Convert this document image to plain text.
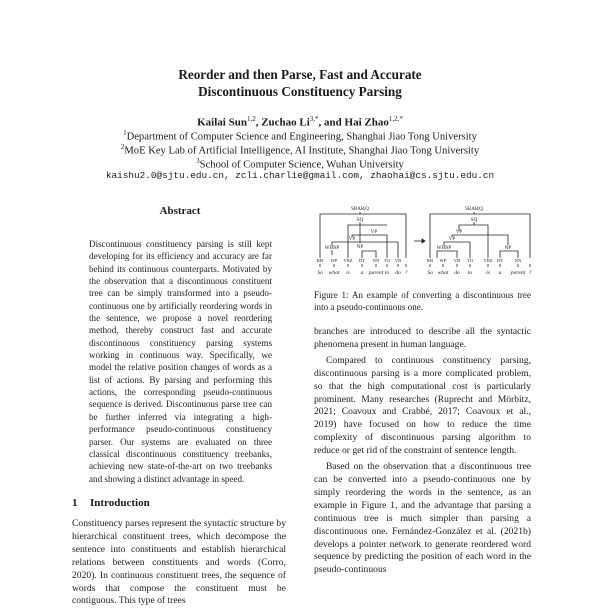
Reorder and then Parse, Fast and Accurate
Discontinuous Constituency Parsing
Kailai Sun$^{1,2}$, Zuchao $Li^{3,*}$, and Hai Zhao$^{1,2,*}$
$^1$Department of Computer Science and Engineering, Shanghai Jiao Tong University
$^2$MoE Key Lab of Artificial Intelligence, AI Institute, Shanghai Jiao Tong University
$^3$School of Computer Science, Wuhan University
kaishu2.0@sjtu.edu.cn, zcli.charlie@gmail.com, zhaohai@cs.sjtu.edu.cn
Abstract
Discontinuous constituency parsing is still kept developing for its efficiency and accuracy are far behind its continuous counterparts. Motivated by the observation that a discontinuous constituent tree can be simply transformed into a pseudo-continuous one by artificially reordering words in the sentence, we propose a novel reordering method, thereby construct fast and accurate discontinuous constituency parsing systems working in continuous way. Specifically, we model the relative position changes of words as a list of actions. By parsing and performing this actions, the corresponding pseudo-continuous sequence is derived. Discontinuous parse tree can be further inferred via integrating a high-performance pseudo-continuous constituency parser. Our systems are evaluated on three classical discontinuous constituency treebanks, achieving new state-of-the-art on two treebanks and showing a distinct advantage in speed.
1 Introduction

Constituency parses represent the syntactic structure by hierarchical constituent trees, which decompose the sentence into constituents and establish hierarchical relations between constituents and words (Corro, 2020). In continuous constituent trees, the sequence of words that compose the constituent must be contiguous. This type of trees

SBAR|Q
SQ
VP
VP
WHNP	NP
RB WP VBZ DT NN TO VB .
So what is a parent to do ?
SBAR|Q
SQ
VP
VP
WHNP	NP
RB WP VB TO VBZ DT	NN .
So what do to is a parent ?
Figure 1: An example of converting a discontinuous tree into a pseudo-continuous one.

branches are introduced to describe all the syntactic phenomena present in human language.

Compared to continuous constituency parsing, discontinuous parsing is a more complicated problem, so that the high computational cost is particularly prominent. Many researches (Ruprecht and Mörbitz, 2021; Coavoux and Crabbé, 2017; Coavoux et al., 2019) have focused on how to reduce the time complexity of discontinuous parsing algorithm to reduce or get rid of the constraint of sentence length.

Based on the observation that a discontinuous tree can be converted into a pseudo-continuous one by simply reordering the words in the sentence, as an example in Figure 1, and the advantage that parsing a continuous tree is much simpler than parsing a discontinuous one. Fernández-González et al. (2021b) develops a pointer network to generate reordered word sequence by predicting the position of each word in the pseudo-continuous
